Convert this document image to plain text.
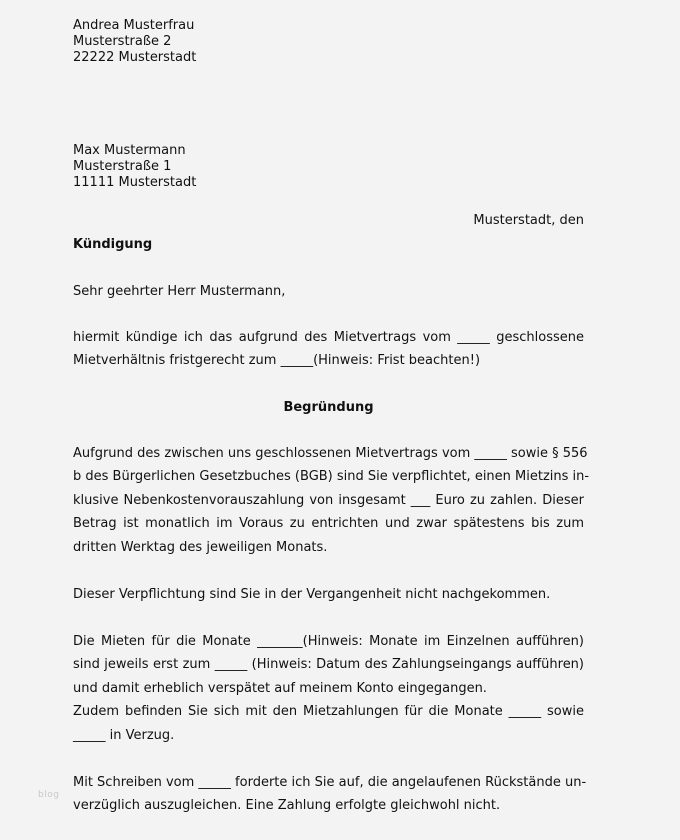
Andrea Musterfrau
Musterstraße 2
22222 Musterstadt
Max Mustermann
Musterstraße 1
11111 Musterstadt
Musterstadt, den
Kündigung
Sehr geehrter Herr Mustermann,
hiermit kündige ich das aufgrund des Mietvertrags vom _____ geschlossene
Mietverhältnis fristgerecht zum _____(Hinweis: Frist beachten!)
Begründung
Aufgrund des zwischen uns geschlossenen Mietvertrags vom _____ sowie § 556
b des Bürgerlichen Gesetzbuches (BGB) sind Sie verpflichtet, einen Mietzins in-
klusive Nebenkostenvorauszahlung von insgesamt ___ Euro zu zahlen. Dieser
Betrag ist monatlich im Voraus zu entrichten und zwar spätestens bis zum
dritten Werktag des jeweiligen Monats.
Dieser Verpflichtung sind Sie in der Vergangenheit nicht nachgekommen.
Die Mieten für die Monate _______(Hinweis: Monate im Einzelnen aufführen)
sind jeweils erst zum _____ (Hinweis: Datum des Zahlungseingangs aufführen)
und damit erheblich verspätet auf meinem Konto eingegangen.
Zudem befinden Sie sich mit den Mietzahlungen für die Monate _____ sowie
_____ in Verzug.
Mit Schreiben vom _____ forderte ich Sie auf, die angelaufenen Rückstände un-
verzüglich auszugleichen. Eine Zahlung erfolgte gleichwohl nicht.
blog
